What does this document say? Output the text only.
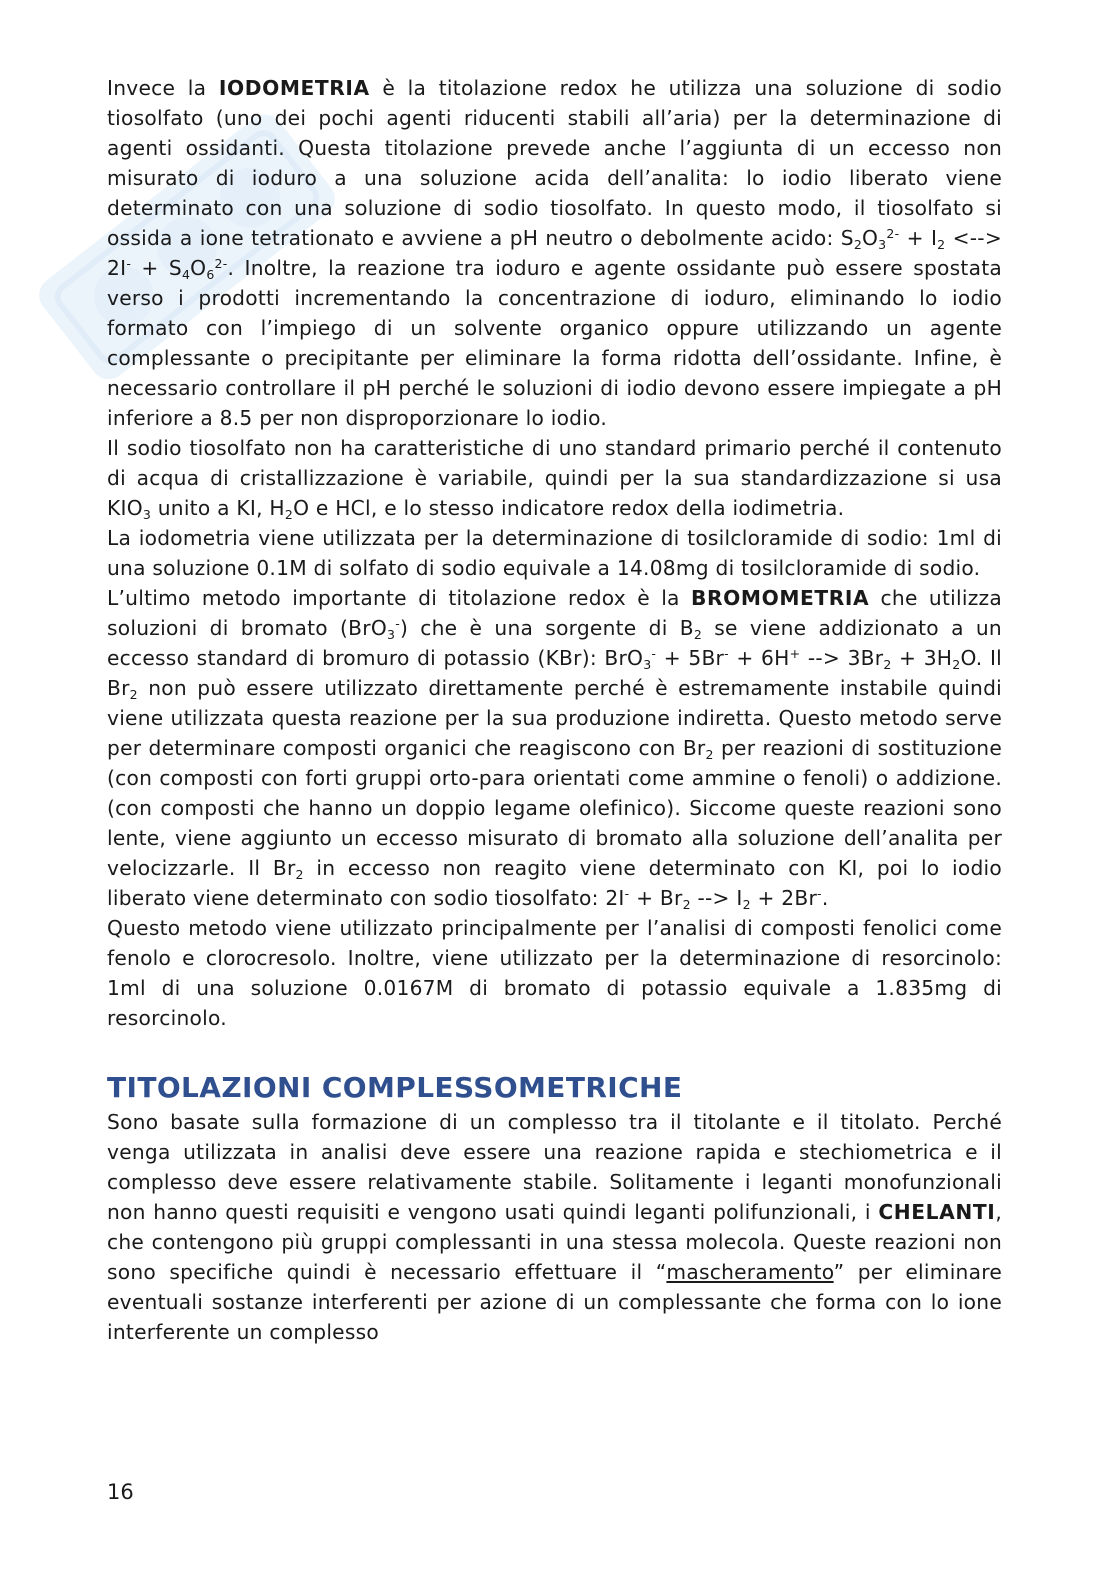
Invece la IODOMETRIA è la titolazione redox he utilizza una soluzione di sodio tiosolfato (uno dei pochi agenti riducenti stabili all’aria) per la determinazione di agenti ossidanti. Questa titolazione prevede anche l’aggiunta di un eccesso non misurato di ioduro a una soluzione acida dell’analita: lo iodio liberato viene determinato con una soluzione di sodio tiosolfato. In questo modo, il tiosolfato si ossida a ione tetrationato e avviene a pH neutro o debolmente acido: $S_2O_3^{2-} + I_2$ <--> $2I^- + S_4O_6^{2-}$. Inoltre, la reazione tra ioduro e agente ossidante può essere spostata verso i prodotti incrementando la concentrazione di ioduro, eliminando lo iodio formato con l’impiego di un solvente organico oppure utilizzando un agente complessante o precipitante per eliminare la forma ridotta dell’ossidante. Infine, è necessario controllare il pH perché le soluzioni di iodio devono essere impiegate a pH inferiore a 8.5 per non disproporzionare lo iodio.

Il sodio tiosolfato non ha caratteristiche di uno standard primario perché il contenuto di acqua di cristallizzazione è variabile, quindi per la sua standardizzazione si usa $KIO_3$ unito a KI, $H_2O$ e HCl, e lo stesso indicatore redox della iodimetria.

La iodometria viene utilizzata per la determinazione di tosilcloramide di sodio: 1ml di una soluzione 0.1M di solfato di sodio equivale a 14.08mg di tosilcloramide di sodio.

L’ultimo metodo importante di titolazione redox è la BROMOMETRIA che utilizza soluzioni di bromato (BrO$_3$-) che è una sorgente di $B_2$ se viene addizionato a un eccesso standard di bromuro di potassio (KBr): BrO$_3$- + 5Br- + 6H+ --> $3Br_2 + 3H_2O$. Il $Br_2$ non può essere utilizzato direttamente perché è estremamente instabile quindi viene utilizzata questa reazione per la sua produzione indiretta. Questo metodo serve per determinare composti organici che reagiscono con $Br_2$ per reazioni di sostituzione (con composti con forti gruppi orto-para orientati come ammine o fenoli) o addizione. (con composti che hanno un doppio legame olefinico). Siccome queste reazioni sono lente, viene aggiunto un eccesso misurato di bromato alla soluzione dell’analita per velocizzarle. Il $Br_2$ in eccesso non reagito viene determinato con KI, poi lo iodio liberato viene determinato con sodio tiosolfato: $2I^- + Br_2$ --> $I_2 + 2Br^-$.

Questo metodo viene utilizzato principalmente per l’analisi di composti fenolici come fenolo e clorocresolo. Inoltre, viene utilizzato per la determinazione di resorcinolo: 1ml di una soluzione 0.0167M di bromato di potassio equivale a 1.835mg di resorcinolo.

TITOLAZIONI COMPLESSOMETRICHE

Sono basate sulla formazione di un complesso tra il titolante e il titolato. Perché venga utilizzata in analisi deve essere una reazione rapida e stechiometrica e il complesso deve essere relativamente stabile. Solitamente i leganti monofunzionali non hanno questi requisiti e vengono usati quindi leganti polifunzionali, i CHELANTI, che contengono più gruppi complessanti in una stessa molecola. Queste reazioni non sono specifiche quindi è necessario effettuare il “mascheramento” per eliminare eventuali sostanze interferenti per azione di un complessante che forma con lo ione interferente un complesso

16
